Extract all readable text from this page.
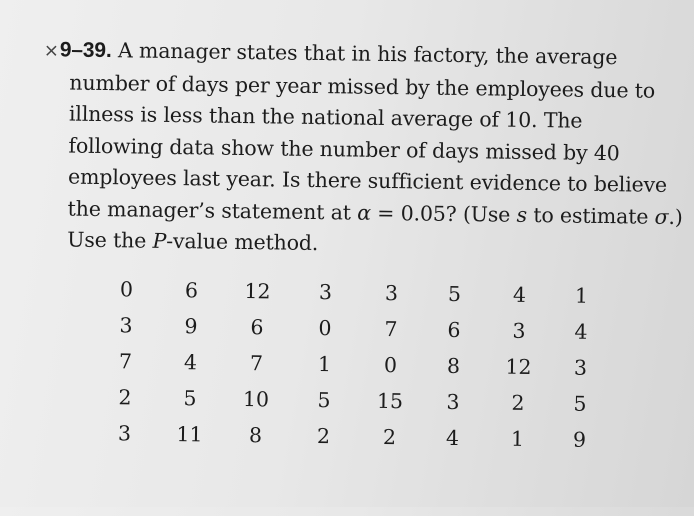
×9–39. A manager states that in his factory, the average
number of days per year missed by the employees due to
illness is less than the national average of 10. The
following data show the number of days missed by 40
employees last year. Is there sufficient evidence to believe
the manager’s statement at α = 0.05? (Use s to estimate σ.)
Use the P-value method.
0	6	12	3	3	5	4	1
3	9	6	0	7	6	3	4
7	4	7	1	0	8	12	3
2	5	10	5	15	3	2	5
3	11	8	2	2	4	1	9
